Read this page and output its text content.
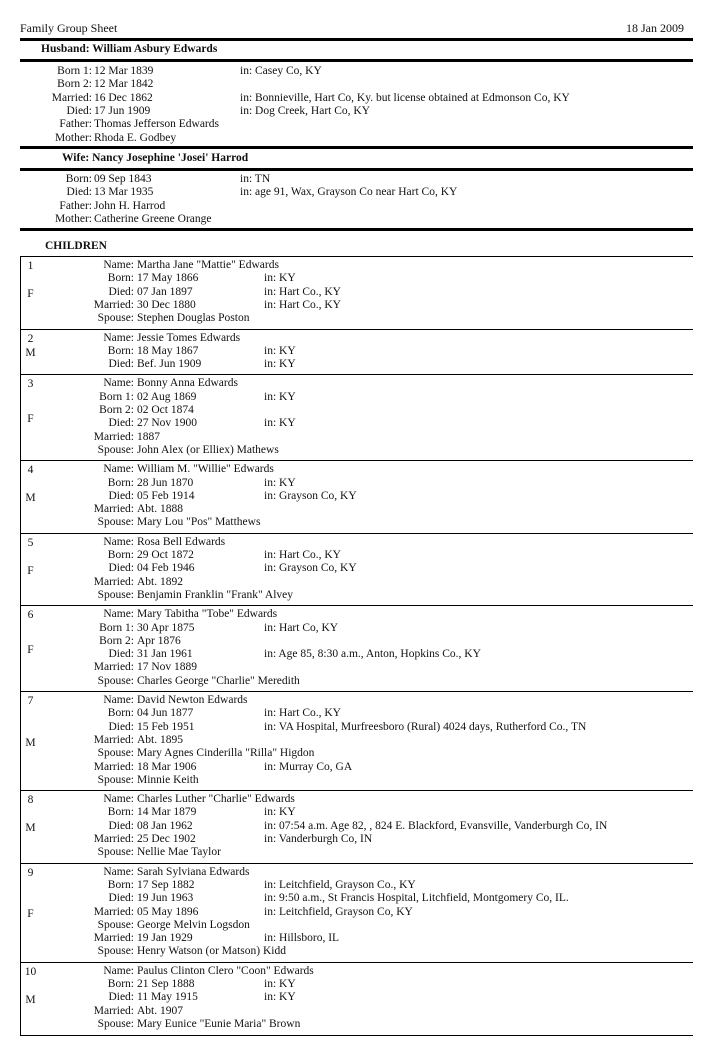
Family Group Sheet	18 Jan 2009
Husband: William Asbury Edwards
Born 1: 12 Mar 1839	in: Casey Co, KY
Born 2: 12 Mar 1842
Married: 16 Dec 1862	in: Bonnieville, Hart Co, Ky. but license obtained at Edmonson Co, KY
Died: 17 Jun 1909	in: Dog Creek, Hart Co, KY
Father: Thomas Jefferson Edwards
Mother: Rhoda E. Godbey
Wife: Nancy Josephine 'Josei' Harrod
Born: 09 Sep 1843	in: TN
Died: 13 Mar 1935	in: age 91, Wax, Grayson Co near Hart Co, KY
Father: John H. Harrod
Mother: Catherine Greene Orange
CHILDREN
1
F
Name: Martha Jane "Mattie" Edwards
Born: 17 May 1866	in: KY
Died: 07 Jan 1897	in: Hart Co., KY
Married: 30 Dec 1880	in: Hart Co., KY
Spouse: Stephen Douglas Poston
2
M
Name: Jessie Tomes Edwards
Born: 18 May 1867	in: KY
Died: Bef. Jun 1909	in: KY
3
F
Name: Bonny Anna Edwards
Born 1: 02 Aug 1869	in: KY
Born 2: 02 Oct 1874
Died: 27 Nov 1900	in: KY
Married: 1887
Spouse: John Alex (or Elliex) Mathews
4
M
Name: William M. "Willie" Edwards
Born: 28 Jun 1870	in: KY
Died: 05 Feb 1914	in: Grayson Co, KY
Married: Abt. 1888
Spouse: Mary Lou "Pos" Matthews
5
F
Name: Rosa Bell Edwards
Born: 29 Oct 1872	in: Hart Co., KY
Died: 04 Feb 1946	in: Grayson Co, KY
Married: Abt. 1892
Spouse: Benjamin Franklin "Frank" Alvey
6
F
Name: Mary Tabitha "Tobe" Edwards
Born 1: 30 Apr 1875	in: Hart Co, KY
Born 2: Apr 1876
Died: 31 Jan 1961	in: Age 85, 8:30 a.m., Anton, Hopkins Co., KY
Married: 17 Nov 1889
Spouse: Charles George "Charlie" Meredith
7
M
Name: David Newton Edwards
Born: 04 Jun 1877	in: Hart Co., KY
Died: 15 Feb 1951	in: VA Hospital, Murfreesboro (Rural) 4024 days, Rutherford Co., TN
Married: Abt. 1895
Spouse: Mary Agnes Cinderilla "Rilla" Higdon
Married: 18 Mar 1906	in: Murray Co, GA
Spouse: Minnie Keith
8
M
Name: Charles Luther "Charlie" Edwards
Born: 14 Mar 1879	in: KY
Died: 08 Jan 1962	in: 07:54 a.m. Age 82, , 824 E. Blackford, Evansville, Vanderburgh Co, IN
Married: 25 Dec 1902	in: Vanderburgh Co, IN
Spouse: Nellie Mae Taylor
9
F
Name: Sarah Sylviana Edwards
Born: 17 Sep 1882	in: Leitchfield, Grayson Co., KY
Died: 19 Jun 1963	in: 9:50 a.m., St Francis Hospital, Litchfield, Montgomery Co, IL.
Married: 05 May 1896	in: Leitchfield, Grayson Co, KY
Spouse: George Melvin Logsdon
Married: 19 Jan 1929	in: Hillsboro, IL
Spouse: Henry Watson (or Matson) Kidd
10
M
Name: Paulus Clinton Clero "Coon" Edwards
Born: 21 Sep 1888	in: KY
Died: 11 May 1915	in: KY
Married: Abt. 1907
Spouse: Mary Eunice "Eunie Maria" Brown
